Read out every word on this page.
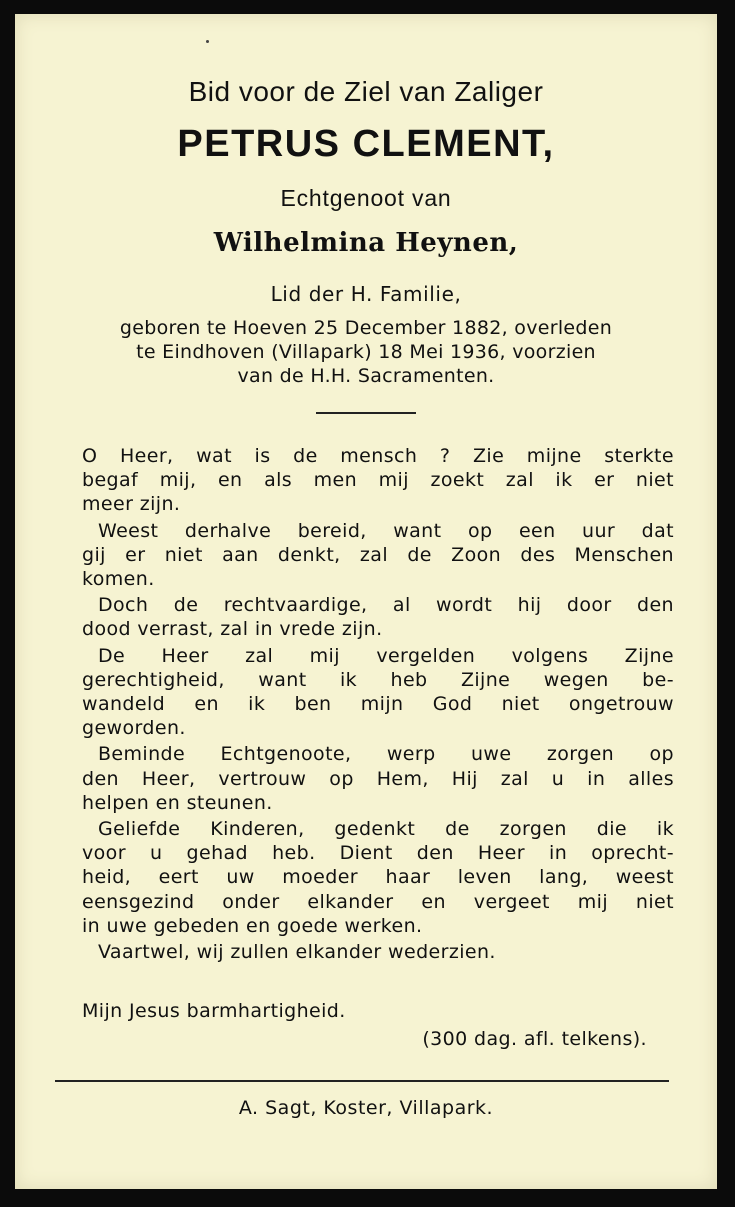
Bid voor de Ziel van Zaliger
PETRUS CLEMENT,
Echtgenoot van
Wilhelmina Heynen,
Lid der H. Familie,
geboren te Hoeven 25 December 1882, overleden
te Eindhoven (Villapark) 18 Mei 1936, voorzien
van de H.H. Sacramenten.
O Heer, wat is de mensch ? Zie mijne sterkte
begaf mij, en als men mij zoekt zal ik er niet
meer zijn.
Weest derhalve bereid, want op een uur dat
gij er niet aan denkt, zal de Zoon des Menschen
komen.
Doch de rechtvaardige, al wordt hij door den
dood verrast, zal in vrede zijn.
De Heer zal mij vergelden volgens Zijne
gerechtigheid, want ik heb Zijne wegen be-
wandeld en ik ben mijn God niet ongetrouw
geworden.
Beminde Echtgenoote, werp uwe zorgen op
den Heer, vertrouw op Hem, Hij zal u in alles
helpen en steunen.
Geliefde Kinderen, gedenkt de zorgen die ik
voor u gehad heb. Dient den Heer in oprecht-
heid, eert uw moeder haar leven lang, weest
eensgezind onder elkander en vergeet mij niet
in uwe gebeden en goede werken.
Vaartwel, wij zullen elkander wederzien.
Mijn Jesus barmhartigheid.
(300 dag. afl. telkens).
A. Sagt, Koster, Villapark.
